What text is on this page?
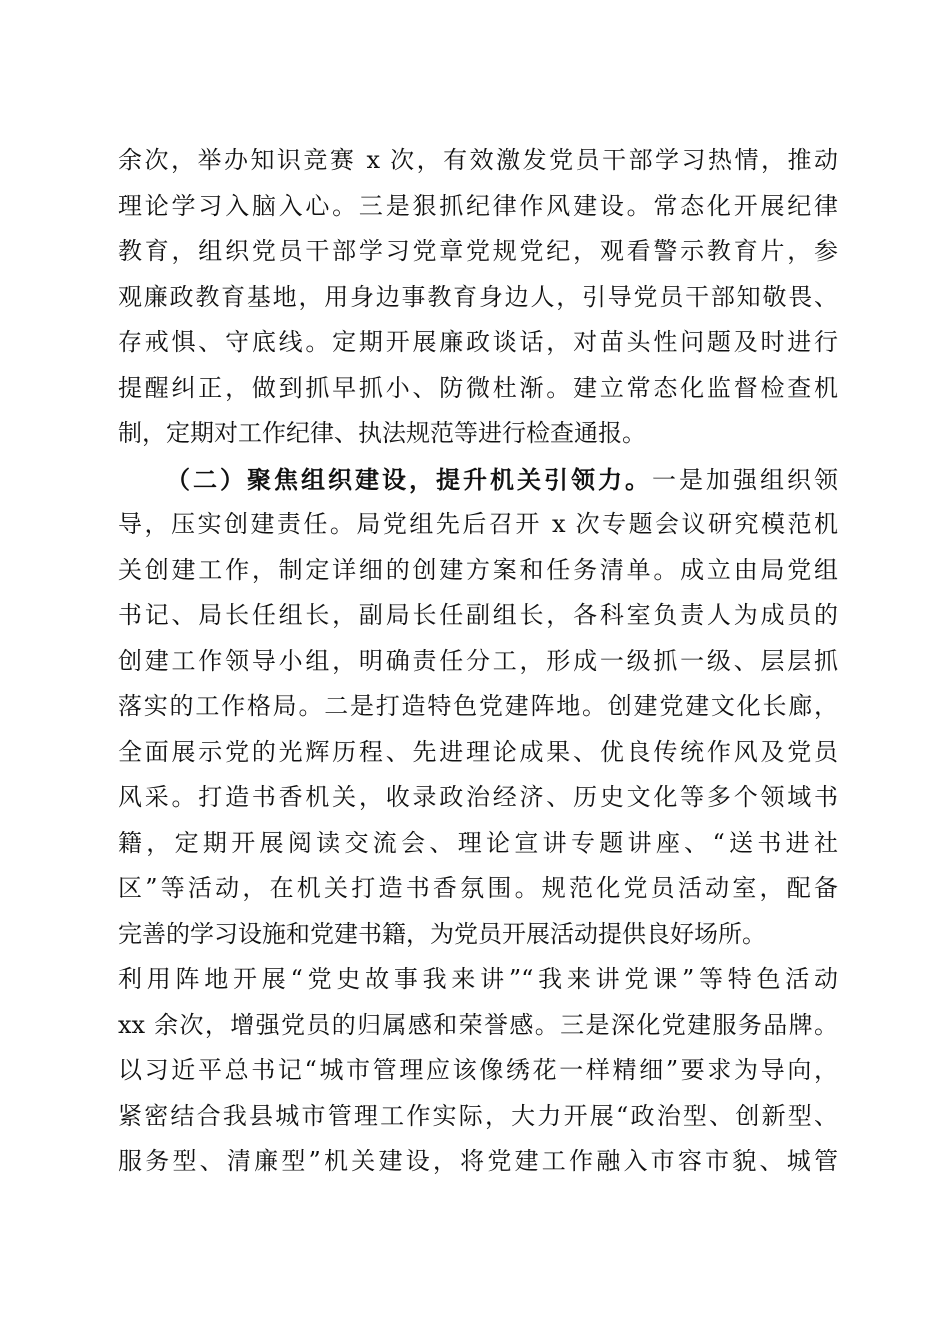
余次，举办知识竞赛 x 次，有效激发党员干部学习热情，推动
理论学习入脑入心。三是狠抓纪律作风建设。常态化开展纪律
教育，组织党员干部学习党章党规党纪，观看警示教育片，参
观廉政教育基地，用身边事教育身边人，引导党员干部知敬畏、
存戒惧、守底线。定期开展廉政谈话，对苗头性问题及时进行
提醒纠正，做到抓早抓小、防微杜渐。建立常态化监督检查机
制，定期对工作纪律、执法规范等进行检查通报。
（二）聚焦组织建设，提升机关引领力。一是加强组织领
导，压实创建责任。局党组先后召开 x 次专题会议研究模范机
关创建工作，制定详细的创建方案和任务清单。成立由局党组
书记、局长任组长，副局长任副组长，各科室负责人为成员的
创建工作领导小组，明确责任分工，形成一级抓一级、层层抓
落实的工作格局。二是打造特色党建阵地。创建党建文化长廊，
全面展示党的光辉历程、先进理论成果、优良传统作风及党员
风采。打造书香机关，收录政治经济、历史文化等多个领域书
籍，定期开展阅读交流会、理论宣讲专题讲座、“送书进社
区”等活动，在机关打造书香氛围。规范化党员活动室，配备
完善的学习设施和党建书籍，为党员开展活动提供良好场所。
利用阵地开展“党史故事我来讲”“我来讲党课”等特色活动
xx 余次，增强党员的归属感和荣誉感。三是深化党建服务品牌。
以习近平总书记“城市管理应该像绣花一样精细”要求为导向，
紧密结合我县城市管理工作实际，大力开展“政治型、创新型、
服务型、清廉型”机关建设，将党建工作融入市容市貌、城管
